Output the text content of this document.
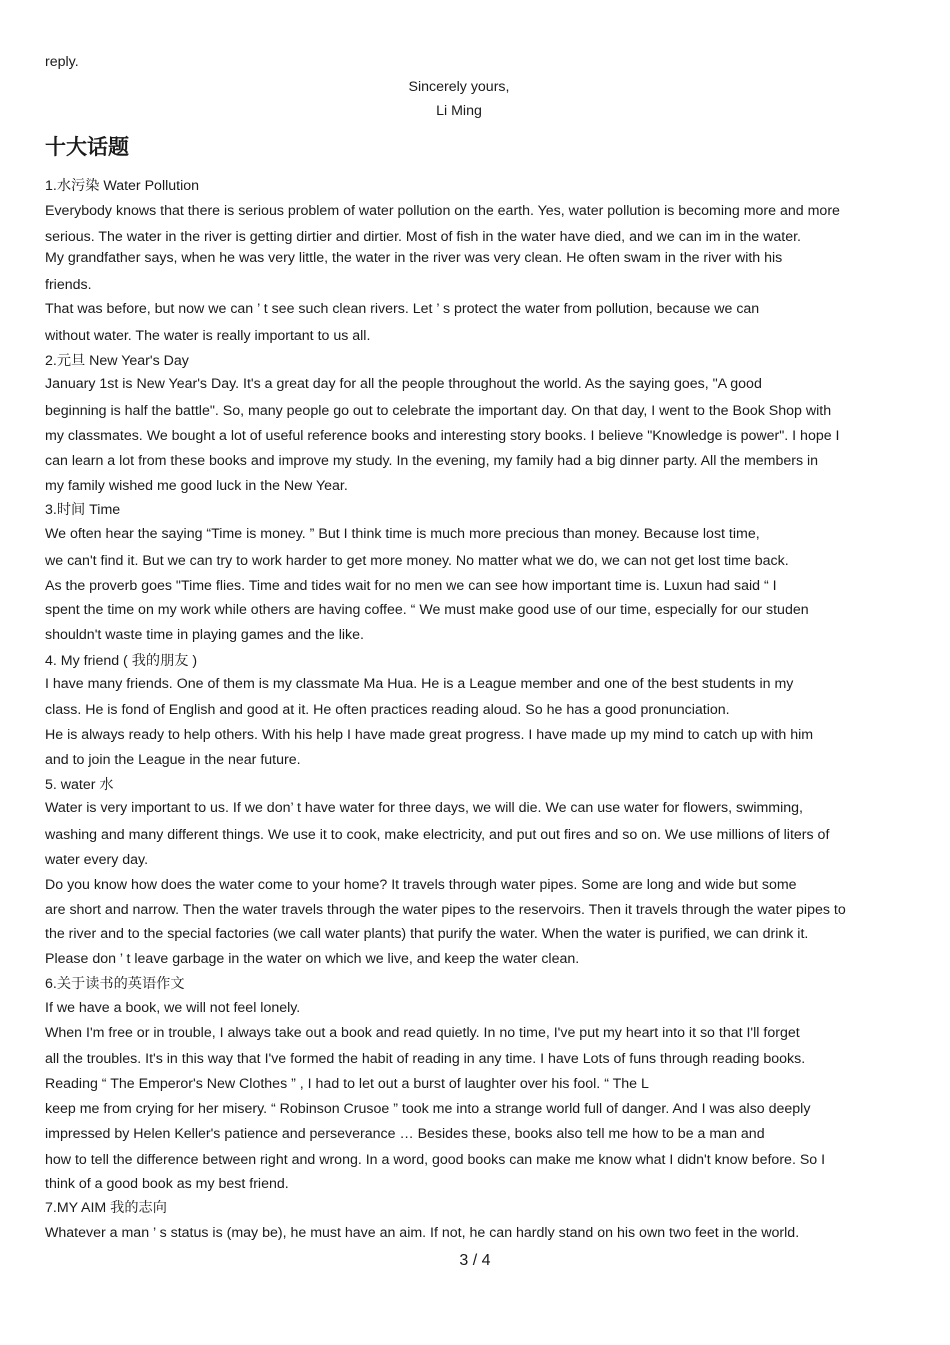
reply.

Sincerely yours,

Li Ming

十大话题

1.水污染 Water Pollution

Everybody knows that there is serious problem of water pollution on the earth. Yes, water pollution is becoming more and more

serious. The water in the river is getting dirtier and dirtier. Most of fish in the water have died, and we can im in the water.

My grandfather says, when he was very little, the water in the river was very clean. He often swam in the river with his

friends.

That was before, but now we can ’ t see such clean rivers. Let ’ s protect the water from pollution, because we can

without water. The water is really important to us all.

2.元旦 New Year's Day

January 1st is New Year's Day. It's a great day for all the people throughout the world. As the saying goes, "A good

beginning is half the battle". So, many people go out to celebrate the important day. On that day, I went to the Book Shop with

my classmates. We bought a lot of useful reference books and interesting story books. I believe "Knowledge is power". I hope I

can learn a lot from these books and improve my study. In the evening, my family had a big dinner party. All the members in

my family wished me good luck in the New Year.

3.时间 Time

We often hear the saying “Time is money. ” But I think time is much more precious than money. Because lost time,

we can't find it. But we can try to work harder to get more money. No matter what we do, we can not get lost time back.

As the proverb goes "Time flies. Time and tides wait for no men we can see how important time is. Luxun had said “ I

spent the time on my work while others are having coffee. “ We must make good use of our time, especially for our studen

shouldn't waste time in playing games and the like.

4. My friend ( 我的朋友 )

I have many friends. One of them is my classmate Ma Hua. He is a League member and one of the best students in my

class. He is fond of English and good at it. He often practices reading aloud. So he has a good pronunciation.

He is always ready to help others. With his help I have made great progress. I have made up my mind to catch up with him

and to join the League in the near future.

5. water 水

Water is very important to us. If we don’ t have water for three days, we will die. We can use water for flowers, swimming,

washing and many different things. We use it to cook, make electricity, and put out fires and so on. We use millions of liters of

water every day.

Do you know how does the water come to your home? It travels through water pipes. Some are long and wide but some

are short and narrow. Then the water travels through the water pipes to the reservoirs. Then it travels through the water pipes to

the river and to the special factories (we call water plants) that purify the water. When the water is purified, we can drink it.

Please don ’ t leave garbage in the water on which we live, and keep the water clean.

6.关于读书的英语作文

If we have a book, we will not feel lonely.

When I'm free or in trouble, I always take out a book and read quietly. In no time, I've put my heart into it so that I'll forget

all the troubles. It's in this way that I've formed the habit of reading in any time. I have Lots of funs through reading books.

Reading “ The Emperor's New Clothes ” , I had to let out a burst of laughter over his fool. “ The L

keep me from crying for her misery. “ Robinson Crusoe ” took me into a strange world full of danger. And I was also deeply

impressed by Helen Keller's patience and perseverance … Besides these, books also tell me how to be a man and

how to tell the difference between right and wrong. In a word, good books can make me know what I didn't know before. So I

think of a good book as my best friend.

7.MY AIM 我的志向

Whatever a man ’ s status is (may be), he must have an aim. If not, he can hardly stand on his own two feet in the world.

3 / 4
